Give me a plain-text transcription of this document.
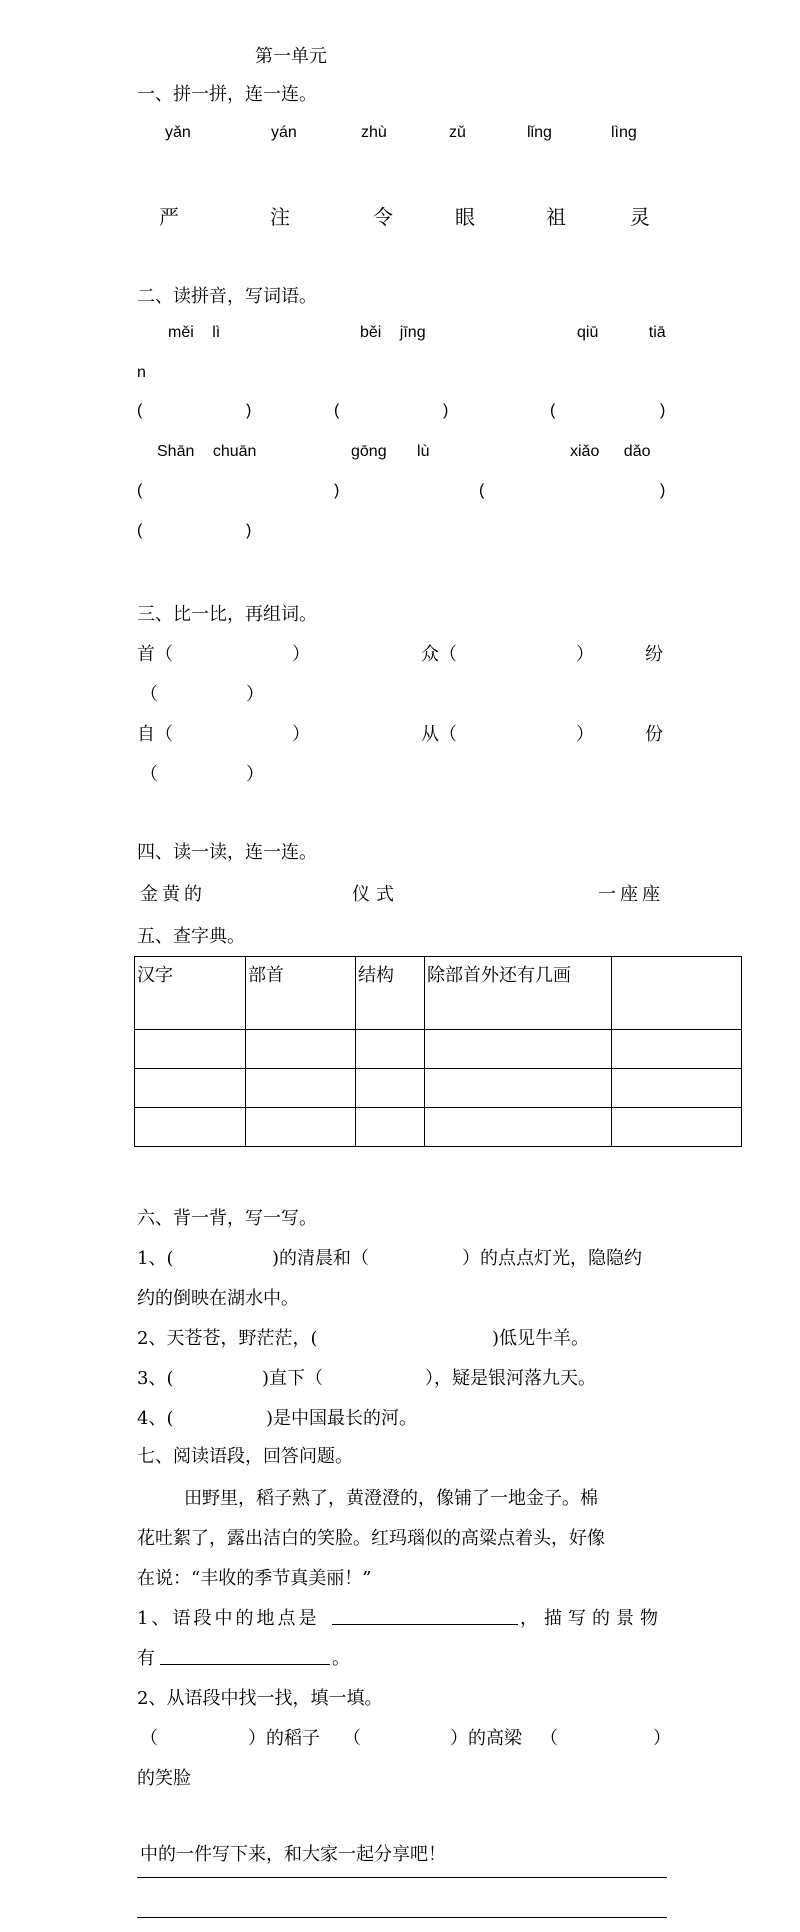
第一单元
一、拼一拼，连一连。
yǎn	yán	zhù	zǔ	lǐng	lìng
严	注	令	眼	祖	灵
二、读拼音，写词语。
měi lì	běi jīng	qiū tiā
n
(	)	(	)	(	)
Shān chuān	gōng lù	xiǎo dǎo
(	)	(	)
(	)
三、比一比，再组词。
首（	）	众（	）	纷
（	）
自（	）	从（	）	份
（	）
四、读一读，连一连。
金黄的	仪式	一座座
五、查字典。
汉字	部首	结构	除部首外还有几画	

六、背一背，写一写。
1、(	)的清晨和（	）的点点灯光，隐隐约
约的倒映在湖水中。
2、天苍苍，野茫茫，(	)低见牛羊。
3、(	)直下（	），疑是银河落九天。
4、(	)是中国最长的河。
七、阅读语段，回答问题。
田野里，稻子熟了，黄澄澄的，像铺了一地金子。棉
花吐絮了，露出洁白的笑脸。红玛瑙似的高粱点着头，好像
在说：“丰收的季节真美丽！”
1、语段中的地点是	，描写的景物
有	。
2、从语段中找一找，填一填。
（	）的稻子 （	）的高梁 （	）
的笑脸
中的一件写下来，和大家一起分享吧！
